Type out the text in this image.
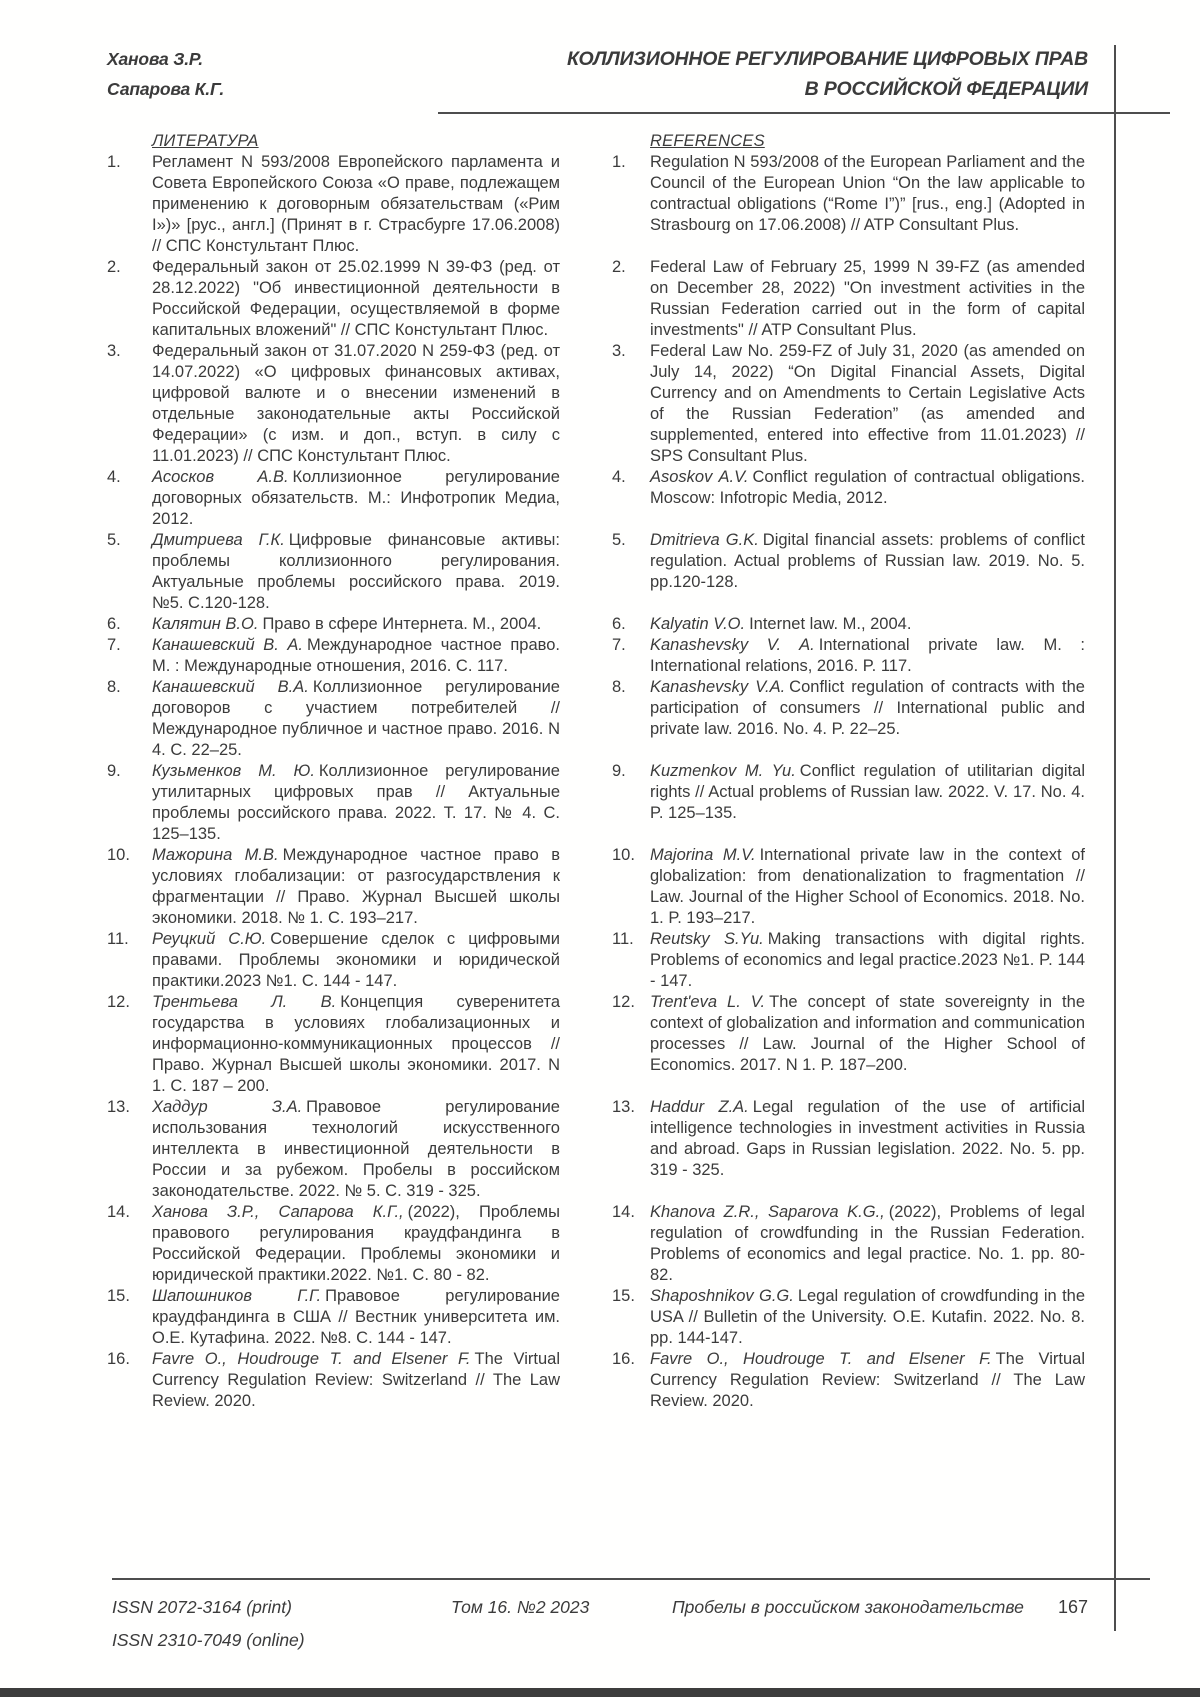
Ханова З.Р.
Сапарова К.Г.
КОЛЛИЗИОННОЕ РЕГУЛИРОВАНИЕ ЦИФРОВЫХ ПРАВ
В РОССИЙСКОЙ ФЕДЕРАЦИИ
ЛИТЕРАТУРА	REFERENCES
1.	Регламент N 593/2008 Европейского парламента и Совета Европейского Союза «О праве, подлежащем применению к договорным обязательствам («Рим I»)» [рус., англ.] (Принят в г. Страсбурге 17.06.2008) // СПС Констультант Плюс.
1.	Regulation N 593/2008 of the European Parliament and the Council of the European Union “On the law applicable to contractual obligations (“Rome I”)” [rus., eng.] (Adopted in Strasbourg on 17.06.2008) // ATP Consultant Plus.
2.	Федеральный закон от 25.02.1999 N 39-ФЗ (ред. от 28.12.2022) "Об инвестиционной деятельности в Российской Федерации, осуществляемой в форме капитальных вложений" // СПС Констультант Плюс.
2.	Federal Law of February 25, 1999 N 39-FZ (as amended on December 28, 2022) "On investment activities in the Russian Federation carried out in the form of capital investments" // ATP Consultant Plus.
3.	Федеральный закон от 31.07.2020 N 259-ФЗ (ред. от 14.07.2022) «О цифровых финансовых активах, цифровой валюте и о внесении изменений в отдельные законодательные акты Российской Федерации» (с изм. и доп., вступ. в силу с 11.01.2023) // СПС Констультант Плюс.
3.	Federal Law No. 259-FZ of July 31, 2020 (as amended on July 14, 2022) “On Digital Financial Assets, Digital Currency and on Amendments to Certain Legislative Acts of the Russian Federation” (as amended and supplemented, entered into effective from 11.01.2023) // SPS Consultant Plus.
4.	Асосков А.В. Коллизионное регулирование договорных обязательств. М.: Инфотропик Медиа, 2012.
4.	Asoskov A.V. Conflict regulation of contractual obligations. Moscow: Infotropic Media, 2012.
5.	Дмитриева Г.К. Цифровые финансовые активы: проблемы коллизионного регулирования. Актуальные проблемы российского права. 2019. №5. С.120-128.
5.	Dmitrieva G.K. Digital financial assets: problems of conflict regulation. Actual problems of Russian law. 2019. No. 5. pp.120-128.
6.	Калятин В.О. Право в сфере Интернета. М., 2004.	6.	Kalyatin V.O. Internet law. M., 2004.
7.	Канашевский В. А. Международное частное право. М. : Международные отношения, 2016. С. 117.
7.	Kanashevsky V. A. International private law. M. : International relations, 2016. P. 117.
8.	Канашевский В.А. Коллизионное регулирование договоров с участием потребителей // Международное публичное и частное право. 2016. N 4. С. 22–25.
8.	Kanashevsky V.A. Conflict regulation of contracts with the participation of consumers // International public and private law. 2016. No. 4. P. 22–25.
9.	Кузьменков М. Ю. Коллизионное регулирование утилитарных цифровых прав // Актуальные проблемы российского права. 2022. Т. 17. № 4. С. 125–135.
9.	Kuzmenkov M. Yu. Conflict regulation of utilitarian digital rights // Actual problems of Russian law. 2022. V. 17. No. 4. P. 125–135.
10.	Мажорина М.В. Международное частное право в условиях глобализации: от разгосударствления к фрагментации // Право. Журнал Высшей школы экономики. 2018. № 1. С. 193–217.
10. Majorina M.V. International private law in the context of globalization: from denationalization to fragmentation // Law. Journal of the Higher School of Economics. 2018. No. 1. P. 193–217.
11.	Реуцкий С.Ю. Совершение сделок с цифровыми правами. Проблемы экономики и юридической практики.2023 №1. С. 144 - 147.
11. Reutsky S.Yu. Making transactions with digital rights. Problems of economics and legal practice.2023 №1. P. 144 - 147.
12.	Трентьева Л. В. Концепция суверенитета государства в условиях глобализационных и информационно-коммуникационных процессов // Право. Журнал Высшей школы экономики. 2017. N 1. С. 187 – 200.
12. Trent'eva L. V. The concept of state sovereignty in the context of globalization and information and communication processes // Law. Journal of the Higher School of Economics. 2017. N 1. P. 187–200.
13.	Хаддур З.А. Правовое регулирование использования технологий искусственного интеллекта в инвестиционной деятельности в России и за рубежом. Пробелы в российском законодательстве. 2022. № 5. С. 319 - 325.
13. Haddur Z.A. Legal regulation of the use of artificial intelligence technologies in investment activities in Russia and abroad. Gaps in Russian legislation. 2022. No. 5. pp. 319 - 325.
14.	Ханова З.Р., Сапарова К.Г., (2022), Проблемы правового регулирования краудфандинга в Российской Федерации. Проблемы экономики и юридической практики.2022. №1. С. 80 - 82.
14. Khanova Z.R., Saparova K.G., (2022), Problems of legal regulation of crowdfunding in the Russian Federation. Problems of economics and legal practice. No. 1. pp. 80-82.
15.	Шапошников Г.Г. Правовое регулирование краудфандинга в США // Вестник университета им. О.Е. Кутафина. 2022. №8. С. 144 - 147.
15. Shaposhnikov G.G. Legal regulation of crowdfunding in the USA // Bulletin of the University. O.E. Kutafin. 2022. No. 8. pp. 144-147.
16.	Favre O., Houdrouge T. and Elsener F. The Virtual Currency Regulation Review: Switzerland // The Law Review. 2020.
16. Favre O., Houdrouge T. and Elsener F. The Virtual Currency Regulation Review: Switzerland // The Law Review. 2020.
ISSN 2072-3164 (print)
ISSN 2310-7049 (online)
Том 16. №2 2023	Пробелы в российском законодательстве 167
